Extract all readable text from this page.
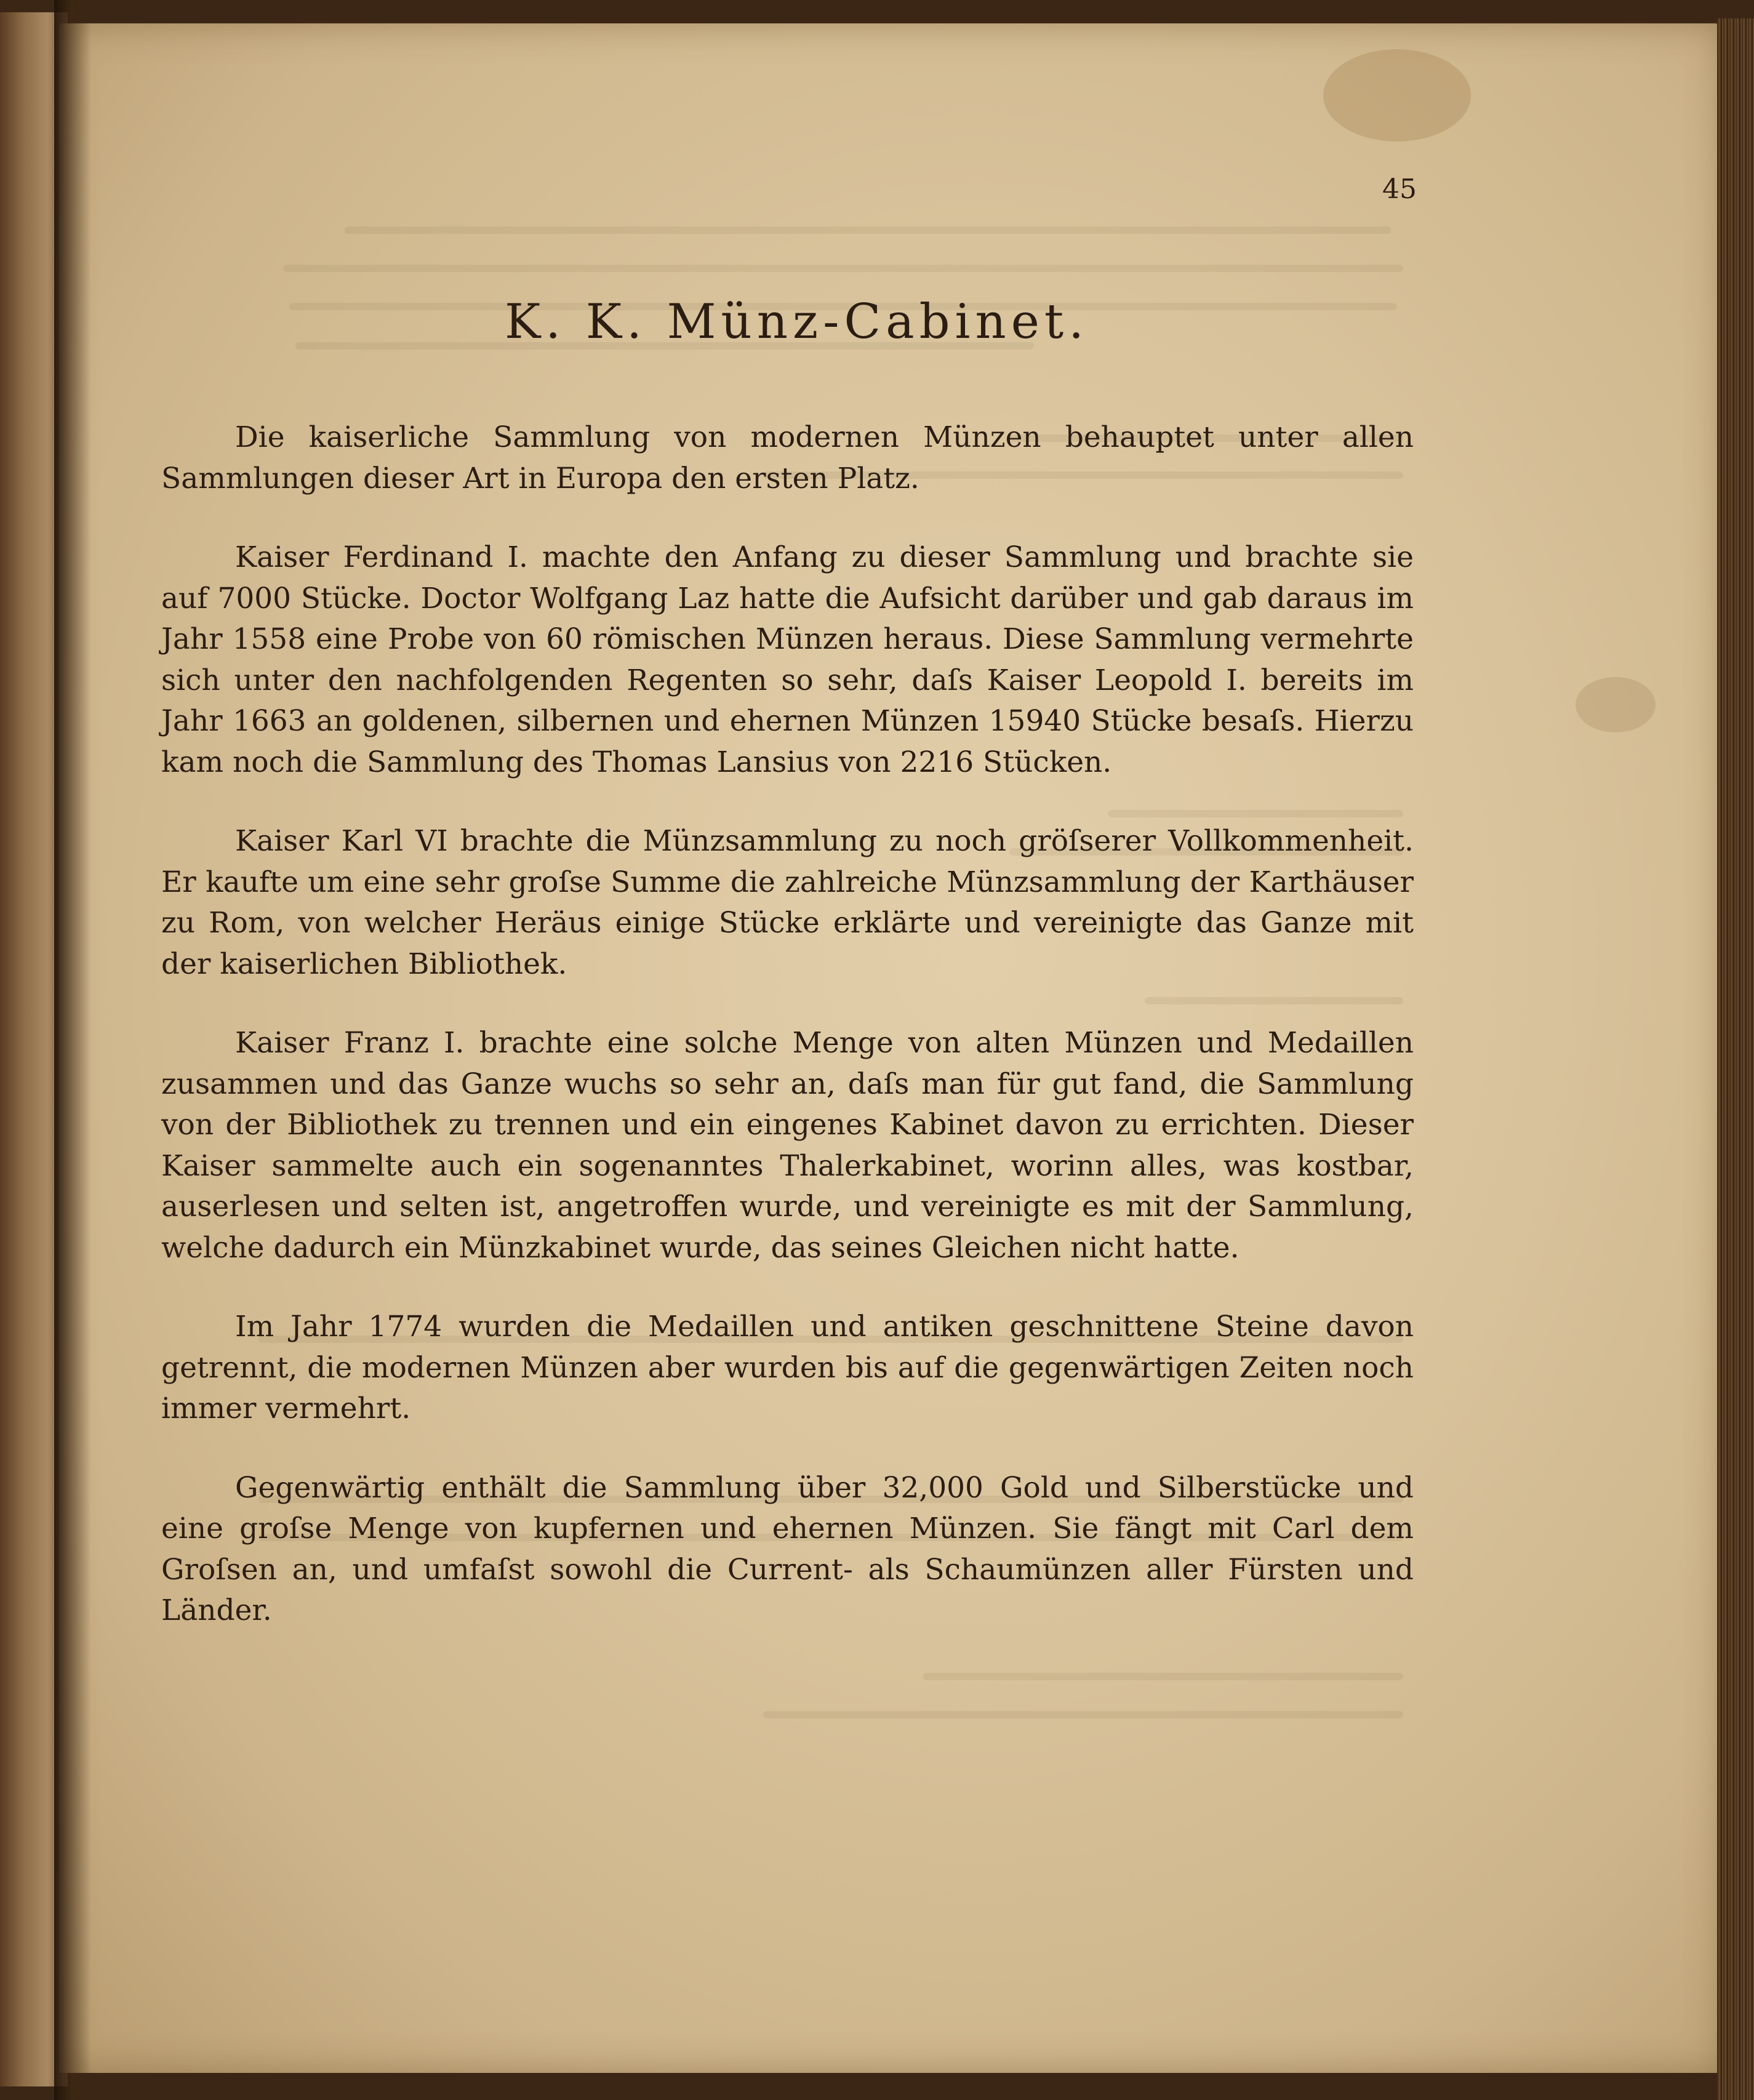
45
K. K. Münz-Cabinet.

Die kaiserliche Sammlung von modernen Münzen behauptet unter allen Sammlungen dieser Art in Europa den ersten Platz.

Kaiser Ferdinand I. machte den Anfang zu dieser Sammlung und brachte sie auf 7000 Stücke. Doctor Wolfgang Laz hatte die Aufsicht darüber und gab daraus im Jahr 1558 eine Probe von 60 römischen Münzen heraus. Diese Sammlung vermehrte sich unter den nachfolgenden Regenten so sehr, daſs Kaiser Leopold I. bereits im Jahr 1663 an goldenen, silbernen und ehernen Münzen 15940 Stücke besaſs. Hierzu kam noch die Sammlung des Thomas Lansius von 2216 Stücken.

Kaiser Karl VI brachte die Münzsammlung zu noch gröſserer Vollkommenheit. Er kaufte um eine sehr groſse Summe die zahlreiche Münzsammlung der Karthäuser zu Rom, von welcher Heräus einige Stücke erklärte und vereinigte das Ganze mit der kaiserlichen Bibliothek.

Kaiser Franz I. brachte eine solche Menge von alten Münzen und Medaillen zusammen und das Ganze wuchs so sehr an, daſs man für gut fand, die Sammlung von der Bibliothek zu trennen und ein eingenes Kabinet davon zu errichten. Dieser Kaiser sammelte auch ein sogenanntes Thalerkabinet, worinn alles, was kostbar, auserlesen und selten ist, angetroffen wurde, und vereinigte es mit der Sammlung, welche dadurch ein Münzkabinet wurde, das seines Gleichen nicht hatte.

Im Jahr 1774 wurden die Medaillen und antiken geschnittene Steine davon getrennt, die modernen Münzen aber wurden bis auf die gegenwärtigen Zeiten noch immer vermehrt.

Gegenwärtig enthält die Sammlung über 32,000 Gold und Silberstücke und eine groſse Menge von kupfernen und ehernen Münzen. Sie fängt mit Carl dem Groſsen an, und umfaſst sowohl die Current- als Schaumünzen aller Fürsten und Länder.
